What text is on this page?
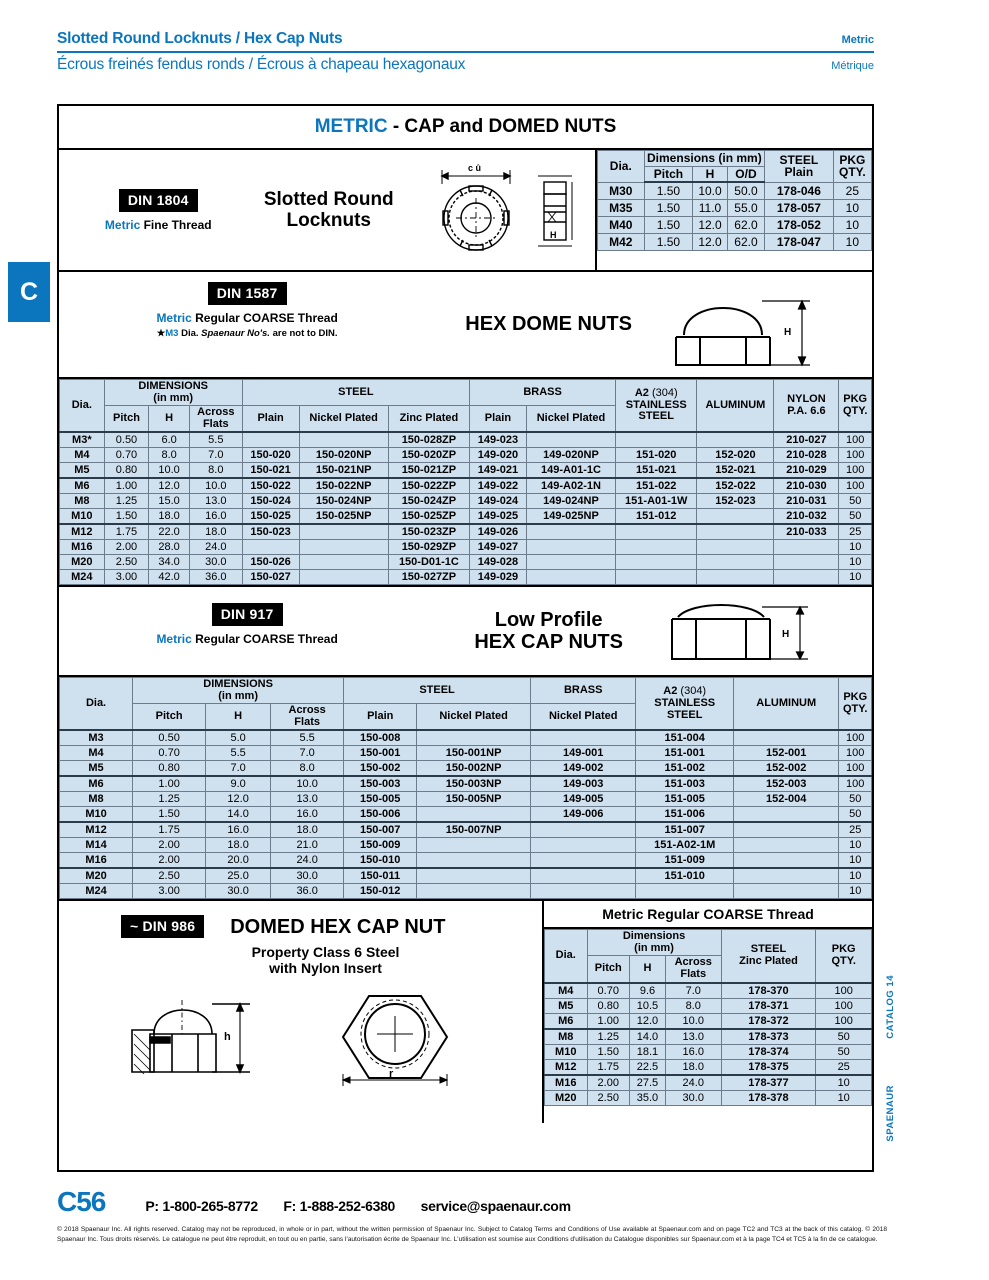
Slotted Round Locknuts / Hex Cap Nuts	Metric
Écrous freinés fendus ronds / Écrous à chapeau hexagonaux	Métrique
C
CATALOG 14
SPAENAUR
METRIC - CAP and DOMED NUTS
DIN 1804
Metric Fine Thread
Slotted Round
Locknuts
c û
H
Dia.	Dimensions (in mm)			STEEL
Plain	PKG
QTY.
	Pitch	H	O/D		
M30	1.50	10.0	50.0	178-046	25
M35	1.50	11.0	55.0	178-057	10
M40	1.50	12.0	62.0	178-052	10
M42	1.50	12.0	62.0	178-047	10
DIN 1587
Metric Regular COARSE Thread
★M3 Dia. Spaenaur No's. are not to DIN.	HEX DOME NUTS	H
Dia.	DIMENSIONS
(in mm)			STEEL			BRASS		A2 (304)
STAINLESS
STEEL	ALUMINUM	NYLON
P.A. 6.6	PKG
QTY.
	Pitch	H	Across
Flats									
				Plain	Nickel Plated	Zinc Plated	Plain	Nickel Plated				
M3*	0.50	6.0	5.5			150-028ZP	149-023				210-027	100
M4	0.70	8.0	7.0	150-020	150-020NP	150-020ZP	149-020	149-020NP	151-020	152-020	210-028	100
M5	0.80	10.0	8.0	150-021	150-021NP	150-021ZP	149-021	149-A01-1C	151-021	152-021	210-029	100
M6	1.00	12.0	10.0	150-022	150-022NP	150-022ZP	149-022	149-A02-1N	151-022	152-022	210-030	100
M8	1.25	15.0	13.0	150-024	150-024NP	150-024ZP	149-024	149-024NP	151-A01-1W	152-023	210-031	50
M10	1.50	18.0	16.0	150-025	150-025NP	150-025ZP	149-025	149-025NP	151-012		210-032	50
M12	1.75	22.0	18.0	150-023		150-023ZP	149-026				210-033	25
M16	2.00	28.0	24.0			150-029ZP	149-027					10
M20	2.50	34.0	30.0	150-026		150-D01-1C	149-028					10
M24	3.00	42.0	36.0	150-027		150-027ZP	149-029					10
DIN 917
Metric Regular COARSE Thread
Low Profile
HEX CAP NUTS	H
Dia.	DIMENSIONS
(in mm)			STEEL		BRASS	A2 (304)
STAINLESS
STEEL	ALUMINUM	PKG
QTY.
	Pitch	H	Across
Flats						
				Plain	Nickel Plated	Nickel Plated			
M3	0.50	5.0	5.5	150-008			151-004		100
M4	0.70	5.5	7.0	150-001	150-001NP	149-001	151-001	152-001	100
M5	0.80	7.0	8.0	150-002	150-002NP	149-002	151-002	152-002	100
M6	1.00	9.0	10.0	150-003	150-003NP	149-003	151-003	152-003	100
M8	1.25	12.0	13.0	150-005	150-005NP	149-005	151-005	152-004	50
M10	1.50	14.0	16.0	150-006		149-006	151-006		50
M12	1.75	16.0	18.0	150-007	150-007NP		151-007		25
M14	2.00	18.0	21.0	150-009			151-A02-1M		10
M16	2.00	20.0	24.0	150-010			151-009		10
M20	2.50	25.0	30.0	150-011			151-010		10
M24	3.00	30.0	36.0	150-012					10
~ DIN 986	DOMED HEX CAP NUT
Property Class 6 Steel
with Nylon Insert
h
r
Metric Regular COARSE Thread
Dia.	Dimensions
(in mm)			STEEL
Zinc Plated	PKG
QTY.
	Pitch	H	Across
Flats		

M4	0.70	9.6	7.0	178-370	100
M5	0.80	10.5	8.0	178-371	100
M6	1.00	12.0	10.0	178-372	100
M8	1.25	14.0	13.0	178-373	50
M10	1.50	18.1	16.0	178-374	50
M12	1.75	22.5	18.0	178-375	25
M16	2.00	27.5	24.0	178-377	10
M20	2.50	35.0	30.0	178-378	10
C56	P: 1-800-265-8772 F: 1-888-252-6380 service@spaenaur.com
© 2018 Spaenaur Inc. All rights reserved. Catalog may not be reproduced, in whole or in part, without the written permission of Spaenaur Inc. Subject to Catalog Terms and Conditions of Use available at Spaenaur.com and on page TC2 and TC3 at the back of this catalog. © 2018 Spaenaur Inc. Tous droits réservés. Le catalogue ne peut être reproduit, en tout ou en partie, sans l'autorisation écrite de Spaenaur Inc. L'utilisation est soumise aux Conditions d'utilisation du Catalogue disponibles sur Spaenaur.com et à la page TC4 et TC5 à la fin de ce catalogue.
